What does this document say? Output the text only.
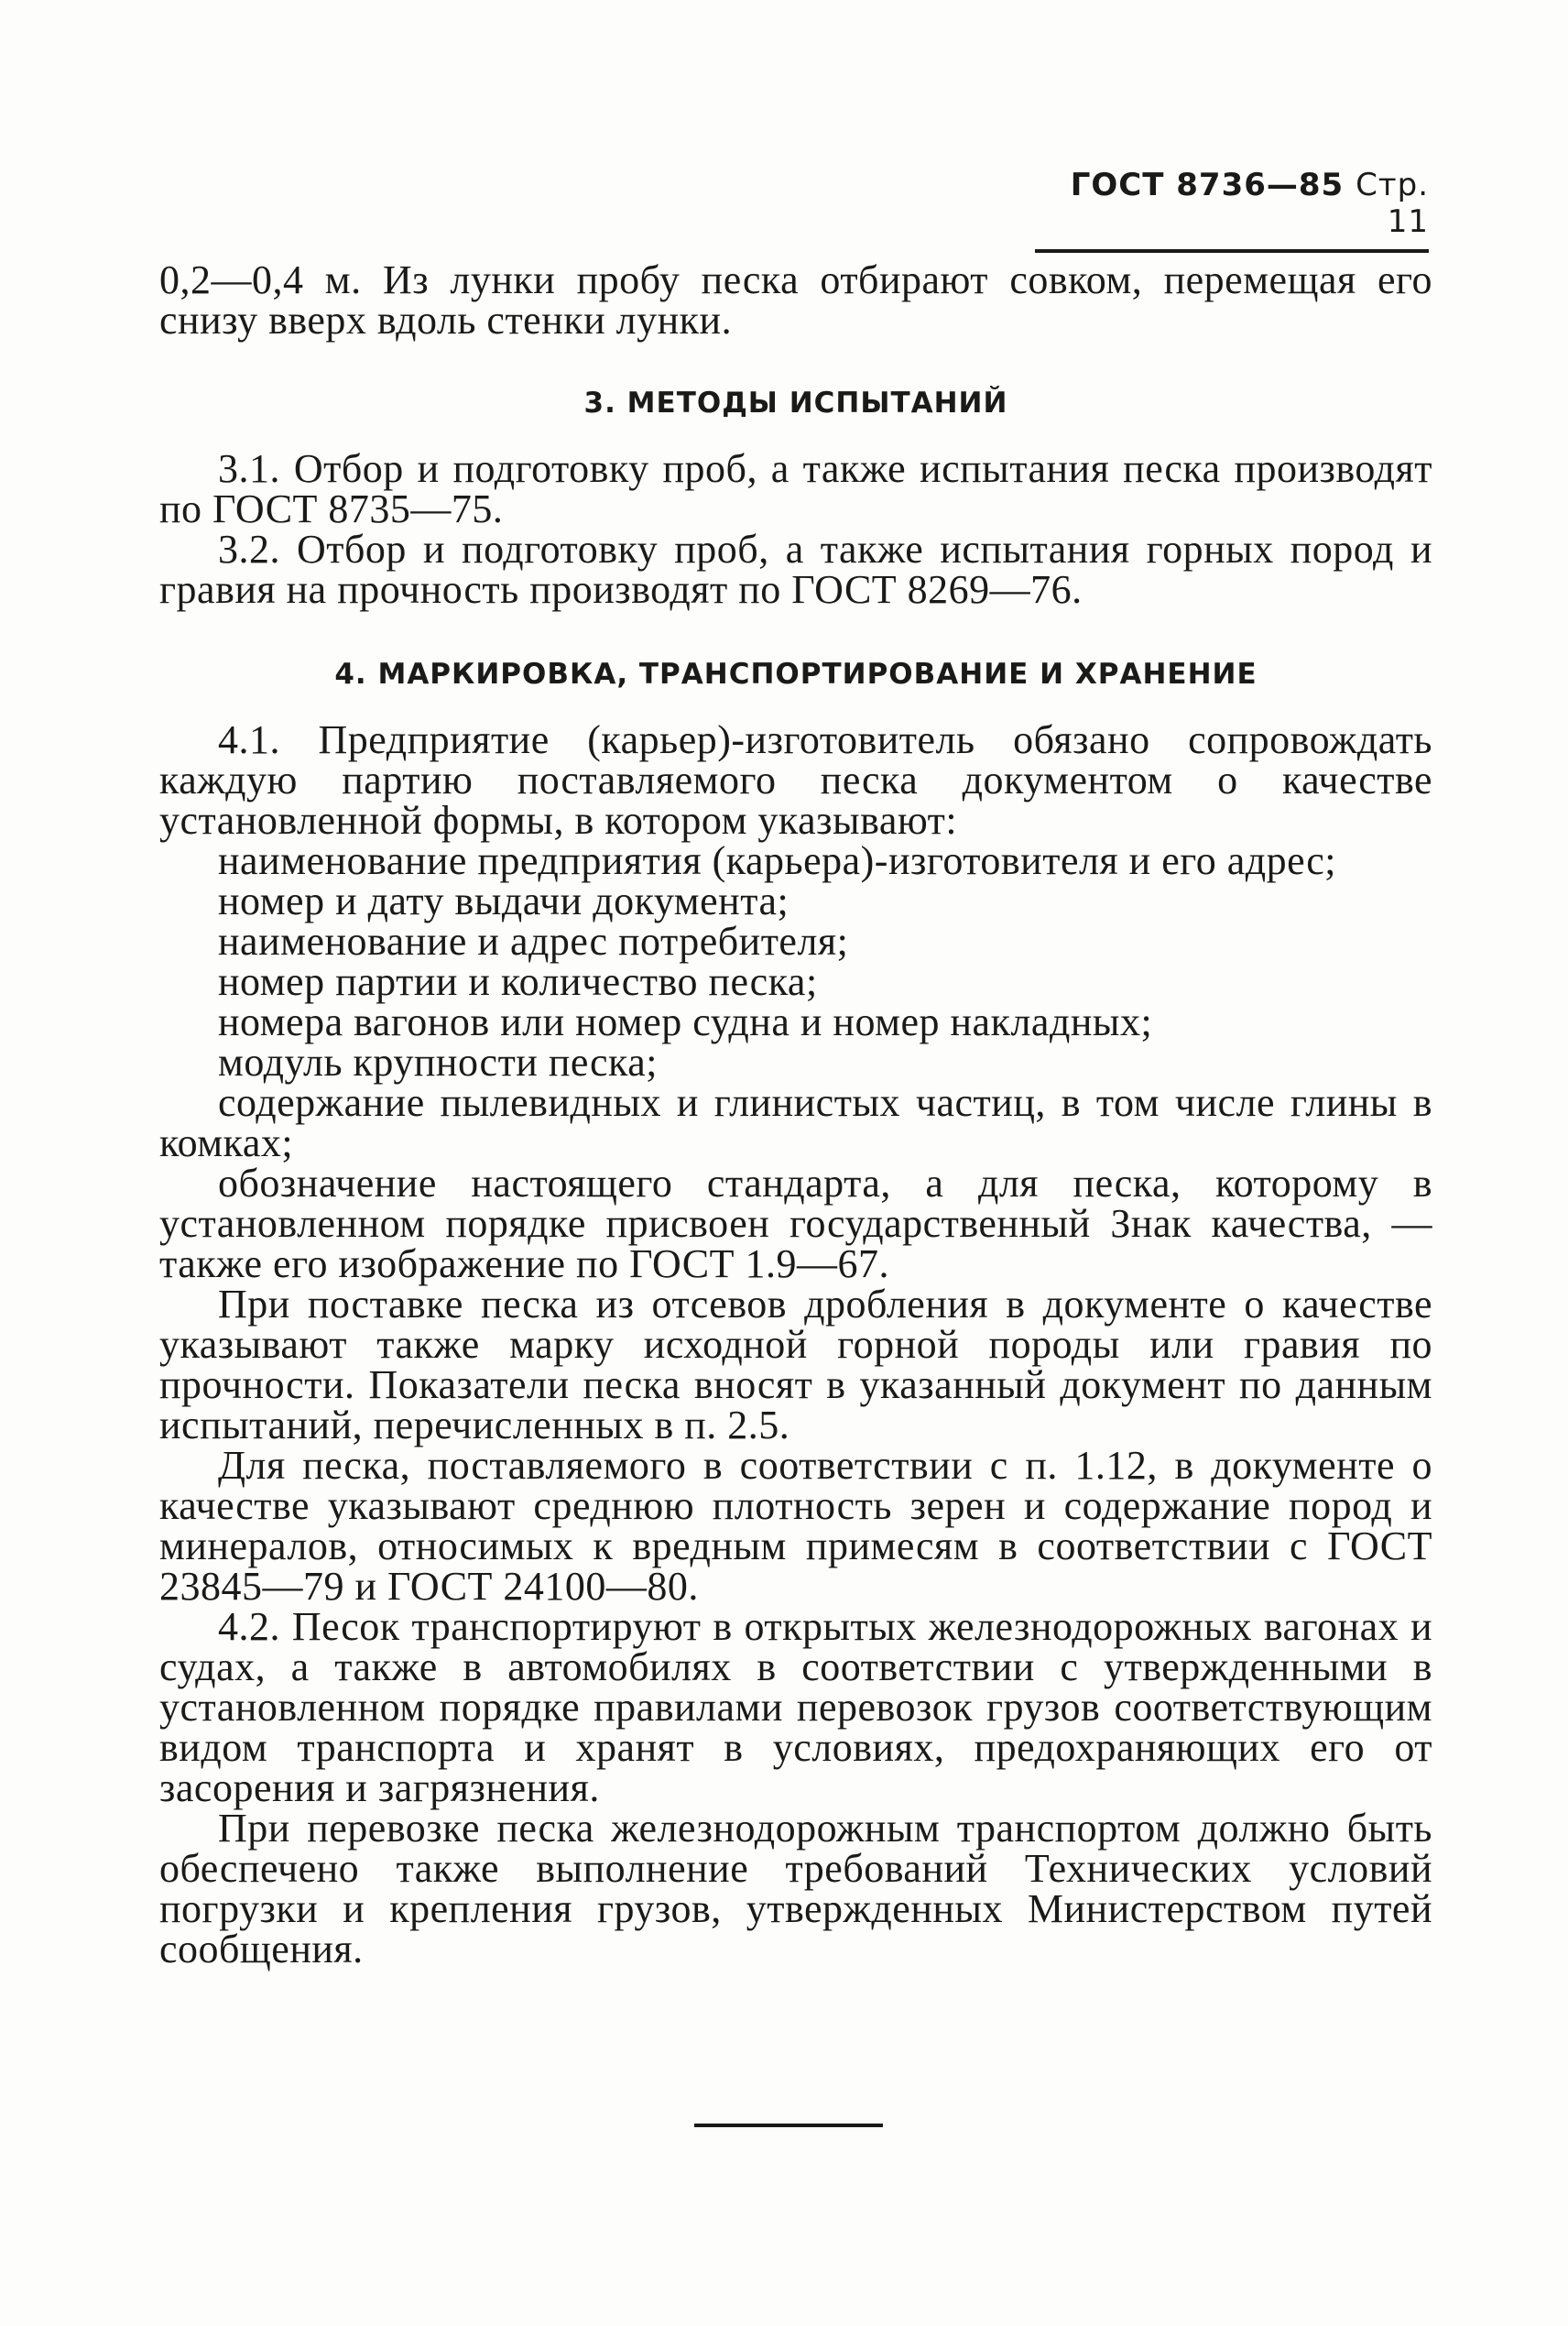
ГОСТ 8736—85 Стр. 11

0,2—0,4 м. Из лунки пробу песка отбирают совком, перемещая его снизу вверх вдоль стенки лунки.

3. МЕТОДЫ ИСПЫТАНИЙ

3.1. Отбор и подготовку проб, а также испытания песка производят по ГОСТ 8735—75.

3.2. Отбор и подготовку проб, а также испытания горных пород и гравия на прочность производят по ГОСТ 8269—76.

4. МАРКИРОВКА, ТРАНСПОРТИРОВАНИЕ И ХРАНЕНИЕ

4.1. Предприятие (карьер)-изготовитель обязано сопровождать каждую партию поставляемого песка документом о качестве установленной формы, в котором указывают:

наименование предприятия (карьера)-изготовителя и его адрес;

номер и дату выдачи документа;

наименование и адрес потребителя;

номер партии и количество песка;

номера вагонов или номер судна и номер накладных;

модуль крупности песка;

содержание пылевидных и глинистых частиц, в том числе глины в комках;

обозначение настоящего стандарта, а для песка, которому в установленном порядке присвоен государственный Знак качества, — также его изображение по ГОСТ 1.9—67.

При поставке песка из отсевов дробления в документе о качестве указывают также марку исходной горной породы или гравия по прочности. Показатели песка вносят в указанный документ по данным испытаний, перечисленных в п. 2.5.

Для песка, поставляемого в соответствии с п. 1.12, в документе о качестве указывают среднюю плотность зерен и содержание пород и минералов, относимых к вредным примесям в соответствии с ГОСТ 23845—79 и ГОСТ 24100—80.

4.2. Песок транспортируют в открытых железнодорожных вагонах и судах, а также в автомобилях в соответствии с утвержденными в установленном порядке правилами перевозок грузов соответствующим видом транспорта и хранят в условиях, предохраняющих его от засорения и загрязнения.

При перевозке песка железнодорожным транспортом должно быть обеспечено также выполнение требований Технических условий погрузки и крепления грузов, утвержденных Министерством путей сообщения.
